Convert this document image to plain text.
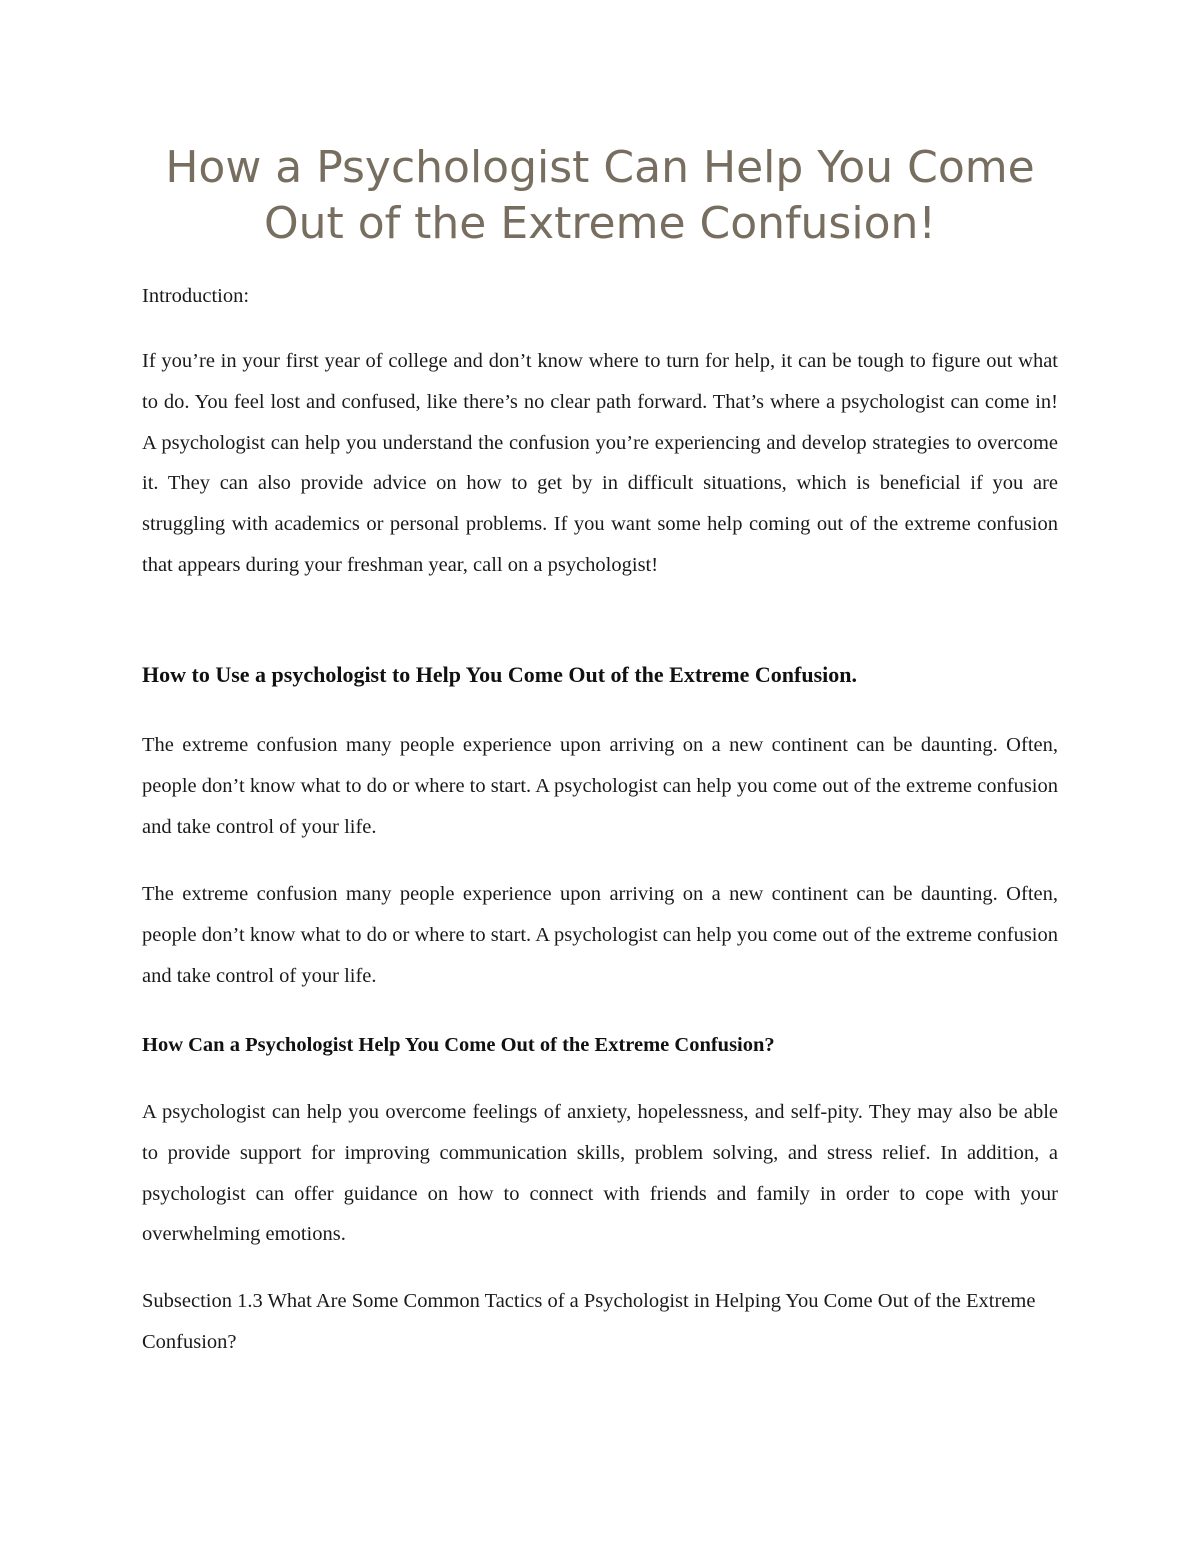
How a Psychologist Can Help You Come Out of the Extreme Confusion!

Introduction:

If you’re in your first year of college and don’t know where to turn for help, it can be tough to figure out what to do. You feel lost and confused, like there’s no clear path forward. That’s where a psychologist can come in! A psychologist can help you understand the confusion you’re experiencing and develop strategies to overcome it. They can also provide advice on how to get by in difficult situations, which is beneficial if you are struggling with academics or personal problems. If you want some help coming out of the extreme confusion that appears during your freshman year, call on a psychologist!

How to Use a psychologist to Help You Come Out of the Extreme Confusion.

The extreme confusion many people experience upon arriving on a new continent can be daunting. Often, people don’t know what to do or where to start. A psychologist can help you come out of the extreme confusion and take control of your life.

The extreme confusion many people experience upon arriving on a new continent can be daunting. Often, people don’t know what to do or where to start. A psychologist can help you come out of the extreme confusion and take control of your life.

How Can a Psychologist Help You Come Out of the Extreme Confusion?

A psychologist can help you overcome feelings of anxiety, hopelessness, and self-pity. They may also be able to provide support for improving communication skills, problem solving, and stress relief. In addition, a psychologist can offer guidance on how to connect with friends and family in order to cope with your overwhelming emotions.

Subsection 1.3 What Are Some Common Tactics of a Psychologist in Helping You Come Out of the Extreme Confusion?
